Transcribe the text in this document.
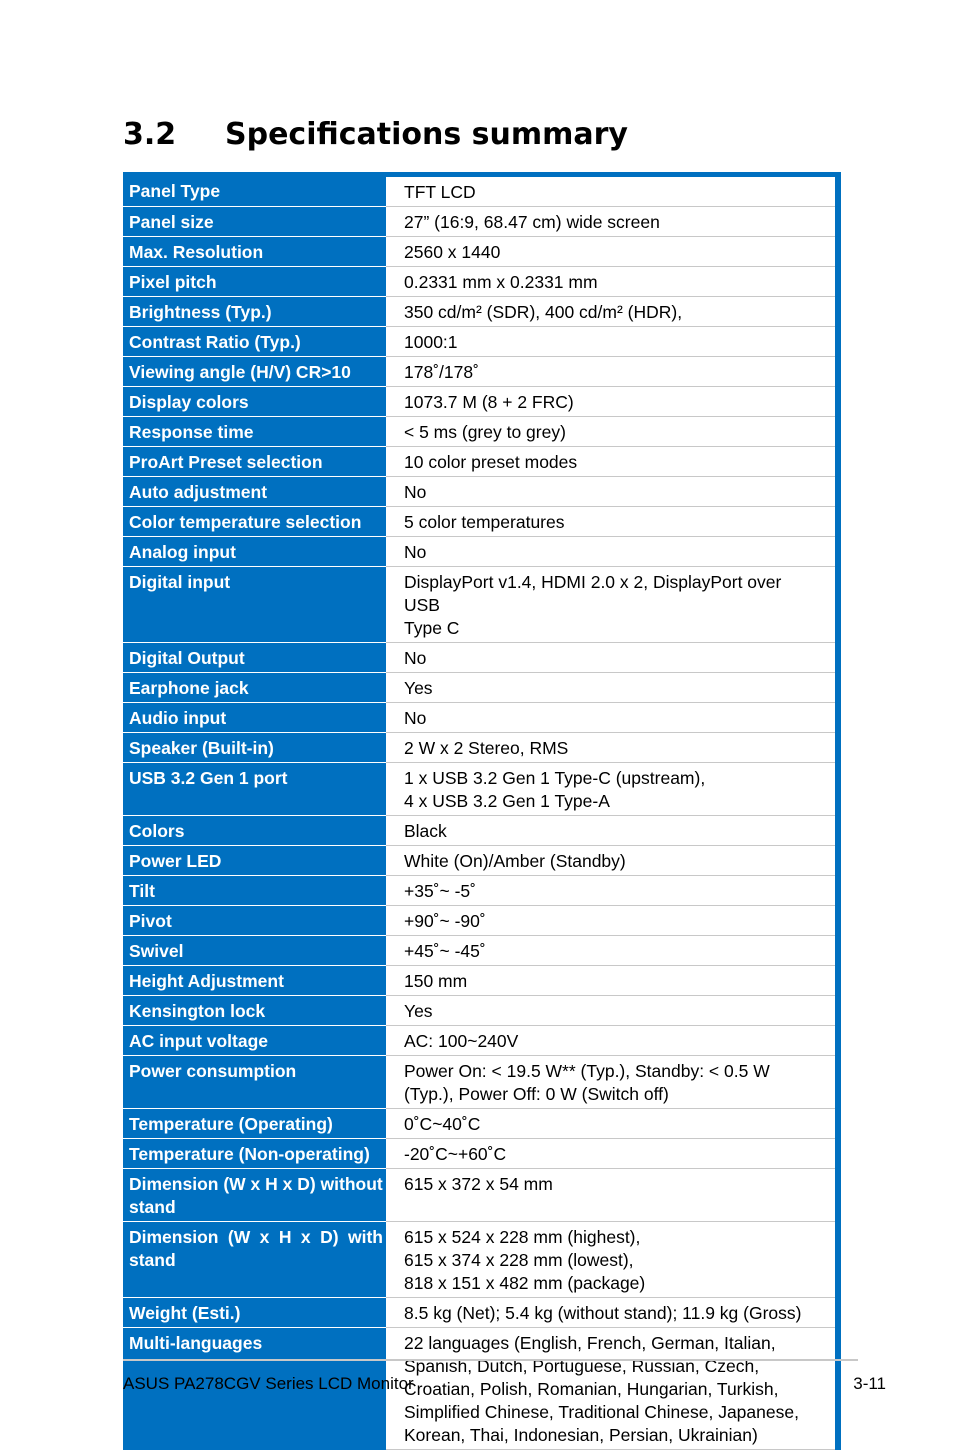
3.2 Specifications summary
Panel Type	TFT LCD

Panel size	27” (16:9, 68.47 cm) wide screen

Max. Resolution	2560 x 1440

Pixel pitch	0.2331 mm x 0.2331 mm

Brightness (Typ.)	350 cd/m² (SDR), 400 cd/m² (HDR),

Contrast Ratio (Typ.)	1000:1

Viewing angle (H/V) CR>10	178˚/178˚

Display colors	1073.7 M (8 + 2 FRC)

Response time	< 5 ms (grey to grey)

ProArt Preset selection	10 color preset modes

Auto adjustment	No

Color temperature selection	5 color temperatures

Analog input	No

Digital input	DisplayPort v1.4, HDMI 2.0 x 2, DisplayPort over USB
Type C

Digital Output	No

Earphone jack	Yes

Audio input	No

Speaker (Built-in)	2 W x 2 Stereo, RMS

USB 3.2 Gen 1 port	1 x USB 3.2 Gen 1 Type-C (upstream),
4 x USB 3.2 Gen 1 Type-A

Colors	Black

Power LED	White (On)/Amber (Standby)

Tilt	+35˚~ -5˚

Pivot	+90˚~ -90˚

Swivel	+45˚~ -45˚

Height Adjustment	150 mm

Kensington lock	Yes

AC input voltage	AC: 100~240V

Power consumption	Power On: < 19.5 W** (Typ.), Standby: < 0.5 W
(Typ.), Power Off: 0 W (Switch off)

Temperature (Operating)	0˚C~40˚C

Temperature (Non-operating)	-20˚C~+60˚C

Dimension (W x H x D) without stand	615 x 372 x 54 mm

Dimension (W x H x D) with stand	615 x 524 x 228 mm (highest),
615 x 374 x 228 mm (lowest),
818 x 151 x 482 mm (package)

Weight (Esti.)	8.5 kg (Net); 5.4 kg (without stand); 11.9 kg (Gross)

Multi-languages	22 languages (English, French, German, Italian,
Spanish, Dutch, Portuguese, Russian, Czech,
Croatian, Polish, Romanian, Hungarian, Turkish,
Simplified Chinese, Traditional Chinese, Japanese,
Korean, Thai, Indonesian, Persian, Ukrainian)
ASUS PA278CGV Series LCD Monitor	3-11
